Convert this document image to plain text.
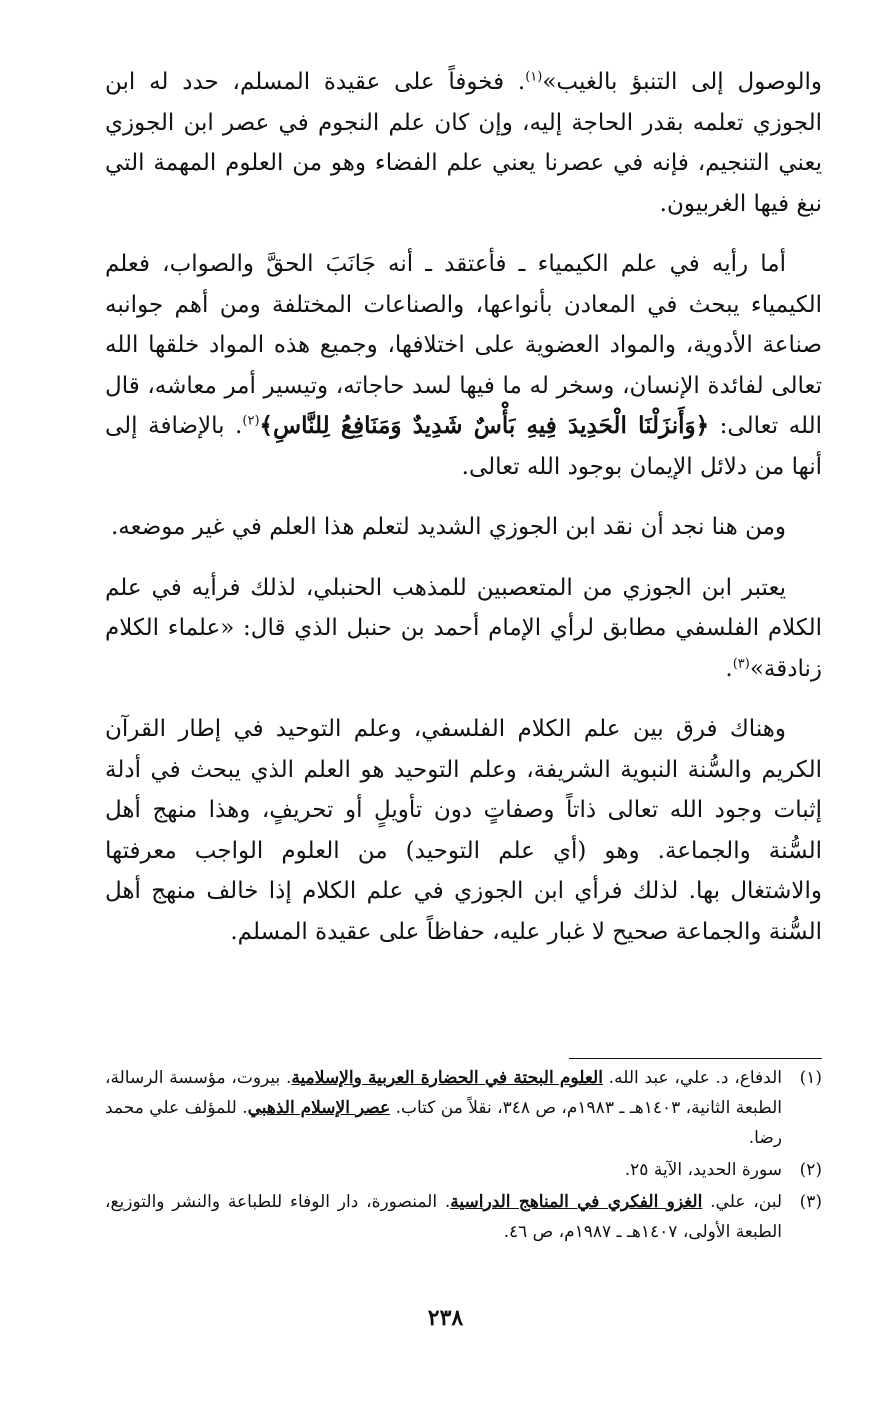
والوصول إلى التنبؤ بالغيب»$^{(١)}$. فخوفاً على عقيدة المسلم، حدد له ابن الجوزي تعلمه بقدر الحاجة إليه، وإن كان علم النجوم في عصر ابن الجوزي يعني التنجيم، فإنه في عصرنا يعني علم الفضاء وهو من العلوم المهمة التي نبغ فيها الغربيون.

أما رأيه في علم الكيمياء ـ فأعتقد ـ أنه جَانَبَ الحقَّ والصواب، فعلم الكيمياء يبحث في المعادن بأنواعها، والصناعات المختلفة ومن أهم جوانبه صناعة الأدوية، والمواد العضوية على اختلافها، وجميع هذه المواد خلقها الله تعالى لفائدة الإنسان، وسخر له ما فيها لسد حاجاته، وتيسير أمر معاشه، قال الله تعالى: ﴿وَأَنزَلْنَا الْحَدِيدَ فِيهِ بَأْسٌ شَدِيدٌ وَمَنَافِعُ لِلنَّاسِ﴾$^{(٢)}$. بالإضافة إلى أنها من دلائل الإيمان بوجود الله تعالى.

ومن هنا نجد أن نقد ابن الجوزي الشديد لتعلم هذا العلم في غير موضعه.

يعتبر ابن الجوزي من المتعصبين للمذهب الحنبلي، لذلك فرأيه في علم الكلام الفلسفي مطابق لرأي الإمام أحمد بن حنبل الذي قال: «علماء الكلام زنادقة»$^{(٣)}$.

وهناك فرق بين علم الكلام الفلسفي، وعلم التوحيد في إطار القرآن الكريم والسُّنة النبوية الشريفة، وعلم التوحيد هو العلم الذي يبحث في أدلة إثبات وجود الله تعالى ذاتاً وصفاتٍ دون تأويلٍ أو تحريفٍ، وهذا منهج أهل السُّنة والجماعة. وهو (أي علم التوحيد) من العلوم الواجب معرفتها والاشتغال بها. لذلك فرأي ابن الجوزي في علم الكلام إذا خالف منهج أهل السُّنة والجماعة صحيح لا غبار عليه، حفاظاً على عقيدة المسلم.

(١)
الدفاع، د. علي، عبد الله. العلوم البحتة في الحضارة العربية والإسلامية. بيروت، مؤسسة الرسالة، الطبعة الثانية، ١٤٠٣هـ ـ ١٩٨٣م، ص ٣٤٨، نقلاً من كتاب. عصر الإسلام الذهبي. للمؤلف علي محمد رضا.
(٢)
سورة الحديد، الآية ٢٥.
(٣)
لبن، علي. الغزو الفكري في المناهج الدراسية. المنصورة، دار الوفاء للطباعة والنشر والتوزيع، الطبعة الأولى، ١٤٠٧هـ ـ ١٩٨٧م، ص ٤٦.
٢٣٨
